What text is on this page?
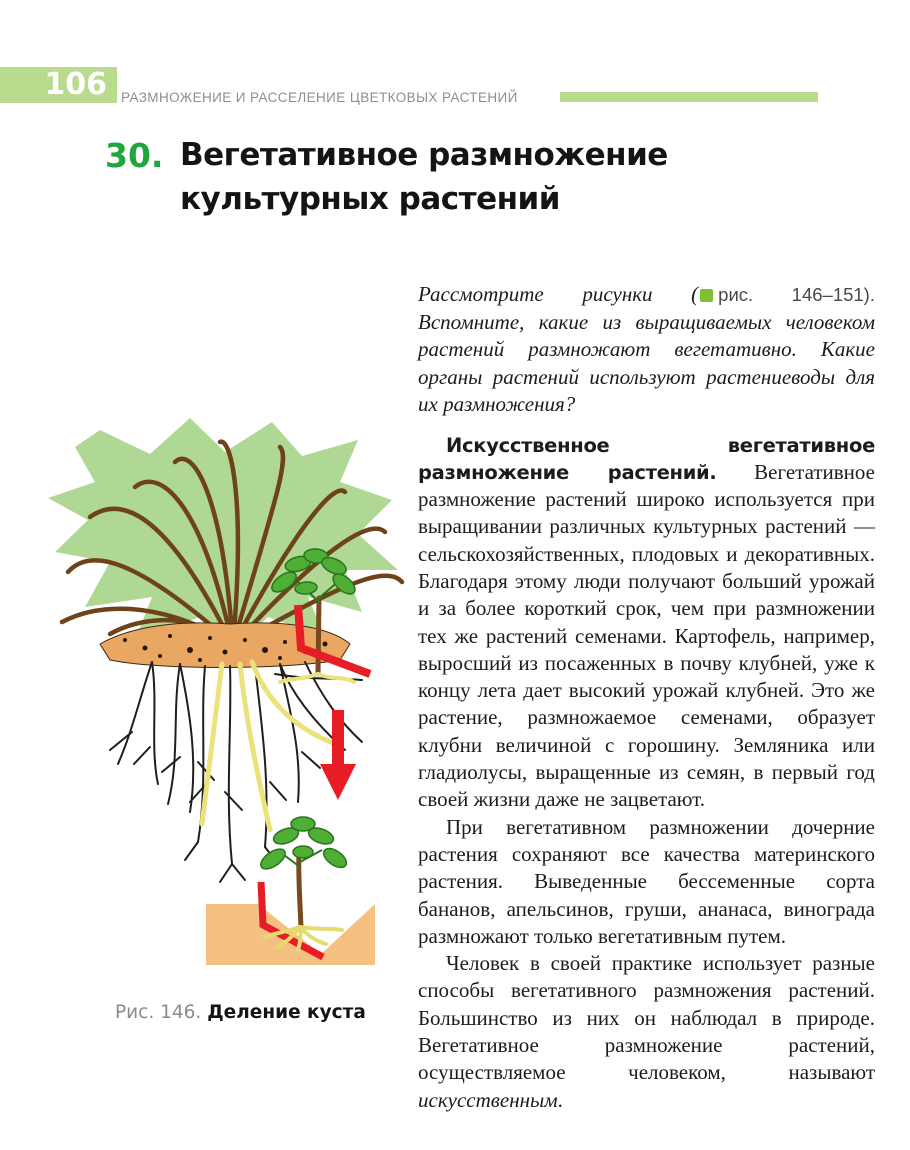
106	РАЗМНОЖЕНИЕ И РАССЕЛЕНИЕ ЦВЕТКОВЫХ РАСТЕНИЙ
30. Вегетативное размножение культурных растений
Рис. 146. Деление куста

Рассмотрите рисунки ( рис. 146–151). Вспомните, какие из выращиваемых человеком растений размножают вегетативно. Какие органы растений используют растениеводы для их размножения?

Искусственное вегетативное размножение растений. Вегетативное размножение растений широко используется при выращивании различных культурных растений — сельскохозяйственных, плодовых и декоративных. Благодаря этому люди получают больший урожай и за более короткий срок, чем при размножении тех же растений семенами. Картофель, например, выросший из посаженных в почву клубней, уже к концу лета дает высокий урожай клубней. Это же растение, размножаемое семенами, образует клубни величиной с горошину. Земляника или гладиолусы, выращенные из семян, в первый год своей жизни даже не зацветают.

При вегетативном размножении дочерние растения сохраняют все качества материнского растения. Выведенные бессеменные сорта бананов, апельсинов, груши, ананаса, винограда размножают только вегетативным путем.

Человек в своей практике использует разные способы вегетативного размножения растений. Большинство из них он наблюдал в природе. Вегетативное размножение растений, осуществляемое человеком, называют искусственным.
